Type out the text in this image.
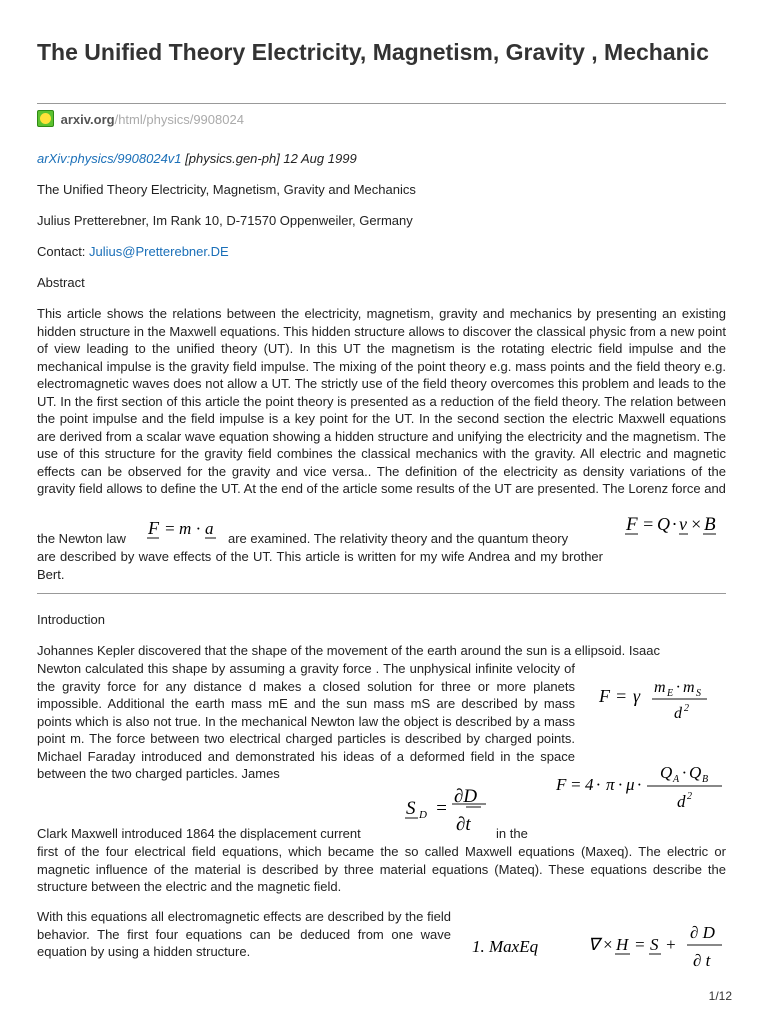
The Unified Theory Electricity, Magnetism, Gravity , Mechanic
arxiv.org/html/physics/9908024

arXiv:physics/9908024v1 [physics.gen-ph] 12 Aug 1999

The Unified Theory Electricity, Magnetism, Gravity and Mechanics

Julius Pretterebner, Im Rank 10, D-71570 Oppenweiler, Germany

Contact: Julius@Pretterebner.DE

Abstract

This article shows the relations between the electricity, magnetism, gravity and mechanics by presenting an existing hidden structure in the Maxwell equations. This hidden structure allows to discover the classical physic from a new point of view leading to the unified theory (UT). In this UT the magnetism is the rotating electric field impulse and the mechanical impulse is the gravity field impulse. The mixing of the point theory e.g. mass points and the field theory e.g. electromagnetic waves does not allow a UT. The strictly use of the field theory overcomes this problem and leads to the UT. In the first section of this article the point theory is presented as a reduction of the field theory. The relation between the point impulse and the field impulse is a key point for the UT. In the second section the electric Maxwell equations are derived from a scalar wave equation showing a hidden structure and unifying the electricity and the magnetism. The use of this structure for the gravity field combines the classical mechanics with the gravity. All electric and magnetic effects can be observed for the gravity and vice versa.. The definition of the electricity as density variations of the gravity field allows to define the UT. At the end of the article some results of the UT are presented. The Lorenz force and

the Newton law

F = m · a

are examined. The relativity theory and the quantum theory

F = Q · v × B

are described by wave effects of the UT. This article is written for my wife Andrea and my brother Bert.

Introduction

Johannes Kepler discovered that the shape of the movement of the earth around the sun is a ellipsoid. Isaac

Newton calculated this shape by assuming a gravity force . The unphysical infinite velocity of the gravity force for any distance d makes a closed solution for three or more planets impossible. Additional the earth mass mE and the sun mass mS are described by mass points which is also not true. In the mechanical Newton law the object is described by a mass point m. The force between two electrical charged particles is described by charged points. Michael Faraday introduced and demonstrated his ideas of a deformed field in the space between the two charged particles. James

F = γ m E · m S
d 2
F = 4 · π · μ ·
Q A · Q B
d 2
S D =
∂D
∂t

Clark Maxwell introduced 1864 the displacement current	in the

first of the four electrical field equations, which became the so called Maxwell equations (Maxeq). The electric or magnetic influence of the material is described by three material equations (Mateq). These equations describe the structure between the electric and the magnetic field.

With this equations all electromagnetic effects are described by the field behavior. The first four equations can be deduced from one wave equation by using a hidden structure.	1. MaxEq	∇ × H = S +
∂ D
∂ t
1/12
